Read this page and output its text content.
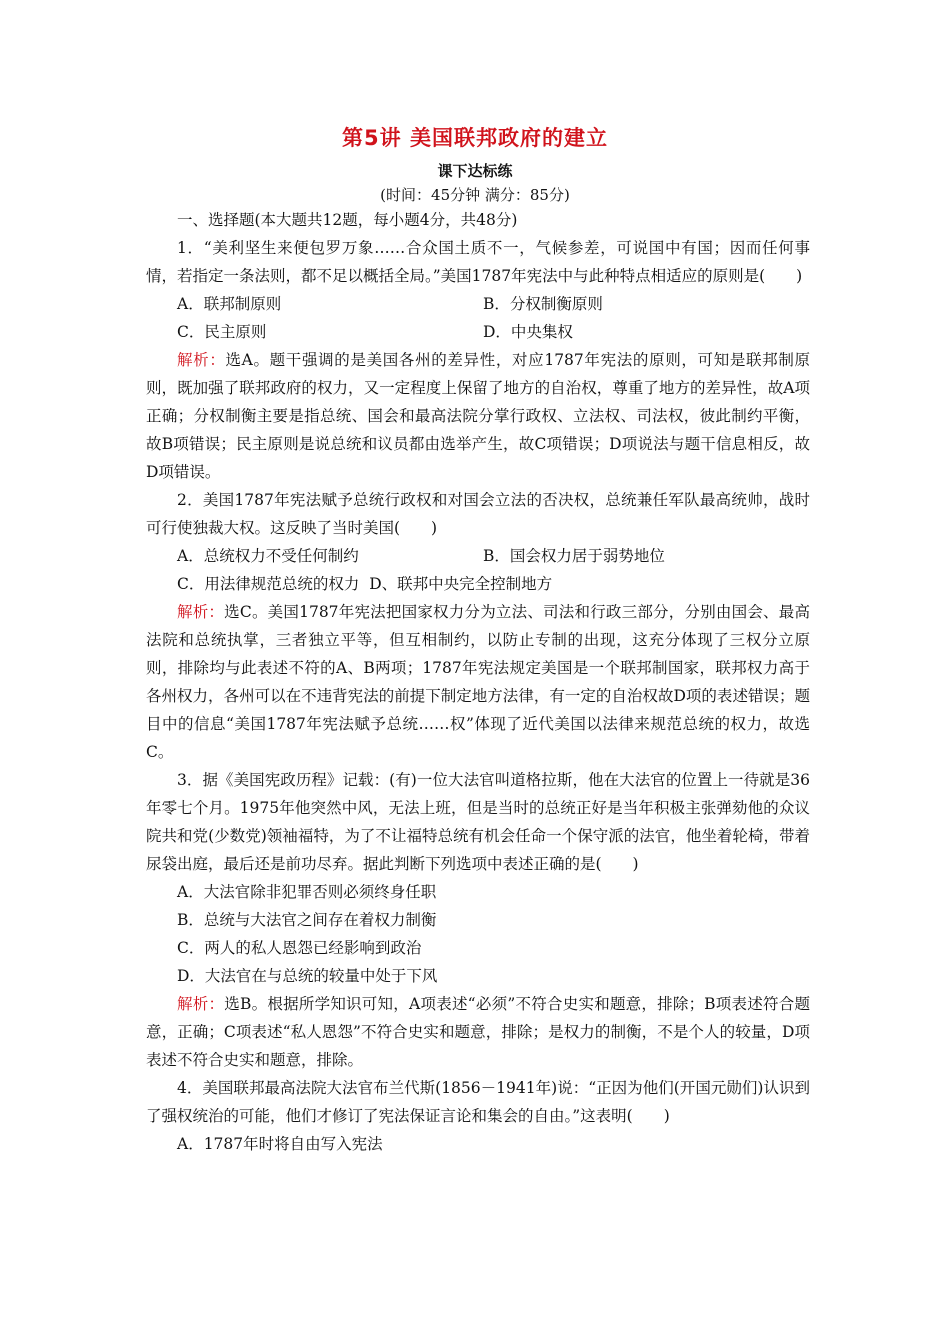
第5讲 美国联邦政府的建立
课下达标练
(时间：45分钟 满分：85分)
一、选择题(本大题共12题，每小题4分，共48分)
1．“美利坚生来便包罗万象……合众国土质不一，气候参差，可说国中有国；因而任何事情，若指定一条法则，都不足以概括全局。”美国1787年宪法中与此种特点相适应的原则是(　　)
A．联邦制原则	B．分权制衡原则
C．民主原则	D．中央集权
解析：选A。题干强调的是美国各州的差异性，对应1787年宪法的原则，可知是联邦制原则，既加强了联邦政府的权力，又一定程度上保留了地方的自治权，尊重了地方的差异性，故A项正确；分权制衡主要是指总统、国会和最高法院分掌行政权、立法权、司法权，彼此制约平衡，故B项错误；民主原则是说总统和议员都由选举产生，故C项错误；D项说法与题干信息相反，故D项错误。
2．美国1787年宪法赋予总统行政权和对国会立法的否决权，总统兼任军队最高统帅，战时可行使独裁大权。这反映了当时美国(　　)
A．总统权力不受任何制约	B．国会权力居于弱势地位
C．用法律规范总统的权力 D、联邦中央完全控制地方
解析：选C。美国1787年宪法把国家权力分为立法、司法和行政三部分，分别由国会、最高法院和总统执掌，三者独立平等，但互相制约，以防止专制的出现，这充分体现了三权分立原则，排除均与此表述不符的A、B两项；1787年宪法规定美国是一个联邦制国家，联邦权力高于各州权力，各州可以在不违背宪法的前提下制定地方法律，有一定的自治权故D项的表述错误；题目中的信息“美国1787年宪法赋予总统……权”体现了近代美国以法律来规范总统的权力，故选C。
3．据《美国宪政历程》记载：(有)一位大法官叫道格拉斯，他在大法官的位置上一待就是36年零七个月。1975年他突然中风，无法上班，但是当时的总统正好是当年积极主张弹劾他的众议院共和党(少数党)领袖福特，为了不让福特总统有机会任命一个保守派的法官，他坐着轮椅，带着尿袋出庭，最后还是前功尽弃。据此判断下列选项中表述正确的是(　　)
A．大法官除非犯罪否则必须终身任职
B．总统与大法官之间存在着权力制衡
C．两人的私人恩怨已经影响到政治
D．大法官在与总统的较量中处于下风
解析：选B。根据所学知识可知，A项表述“必须”不符合史实和题意，排除；B项表述符合题意，正确；C项表述“私人恩怨”不符合史实和题意，排除；是权力的制衡，不是个人的较量，D项表述不符合史实和题意，排除。
4．美国联邦最高法院大法官布兰代斯(1856－1941年)说：“正因为他们(开国元勋们)认识到了强权统治的可能，他们才修订了宪法保证言论和集会的自由。”这表明(　　)
A．1787年时将自由写入宪法
